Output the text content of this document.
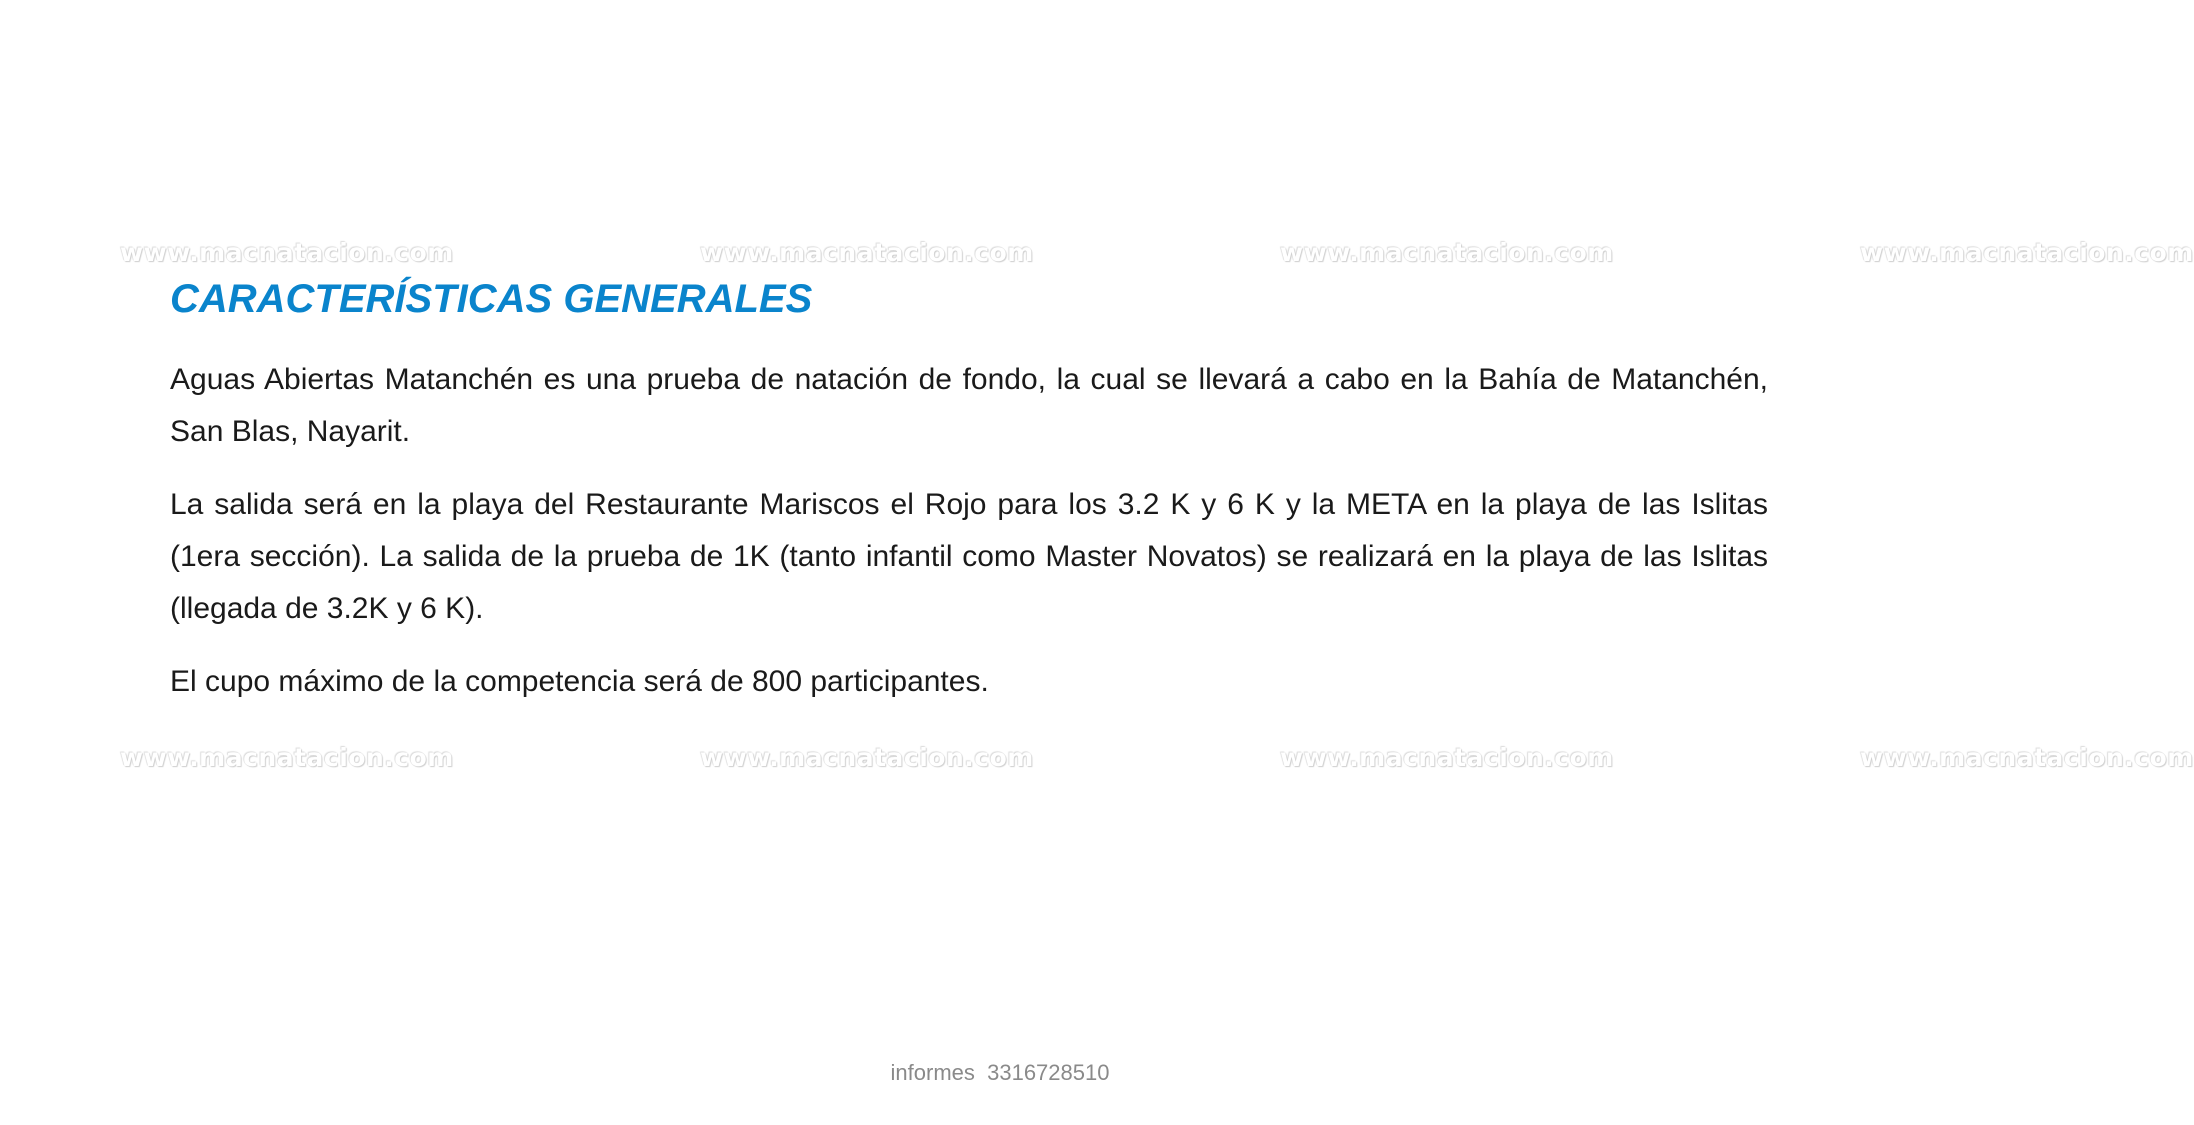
www.macnatacion.com	www.macnatacion.com	www.macnatacion.com	www.macnatacion.com
www.macnatacion.com	www.macnatacion.com	www.macnatacion.com	www.macnatacion.com
CARACTERÍSTICAS GENERALES

Aguas Abiertas Matanchén es una prueba de natación de fondo, la cual se llevará a cabo en la Bahía de Matanchén, San Blas, Nayarit.

La salida será en la playa del Restaurante Mariscos el Rojo para los 3.2 K y 6 K y la META en la playa de las Islitas (1era sección). La salida de la prueba de 1K (tanto infantil como Master Novatos) se realizará en la playa de las Islitas (llegada de 3.2K y 6 K).

El cupo máximo de la competencia será de 800 participantes.

informes  3316728510
